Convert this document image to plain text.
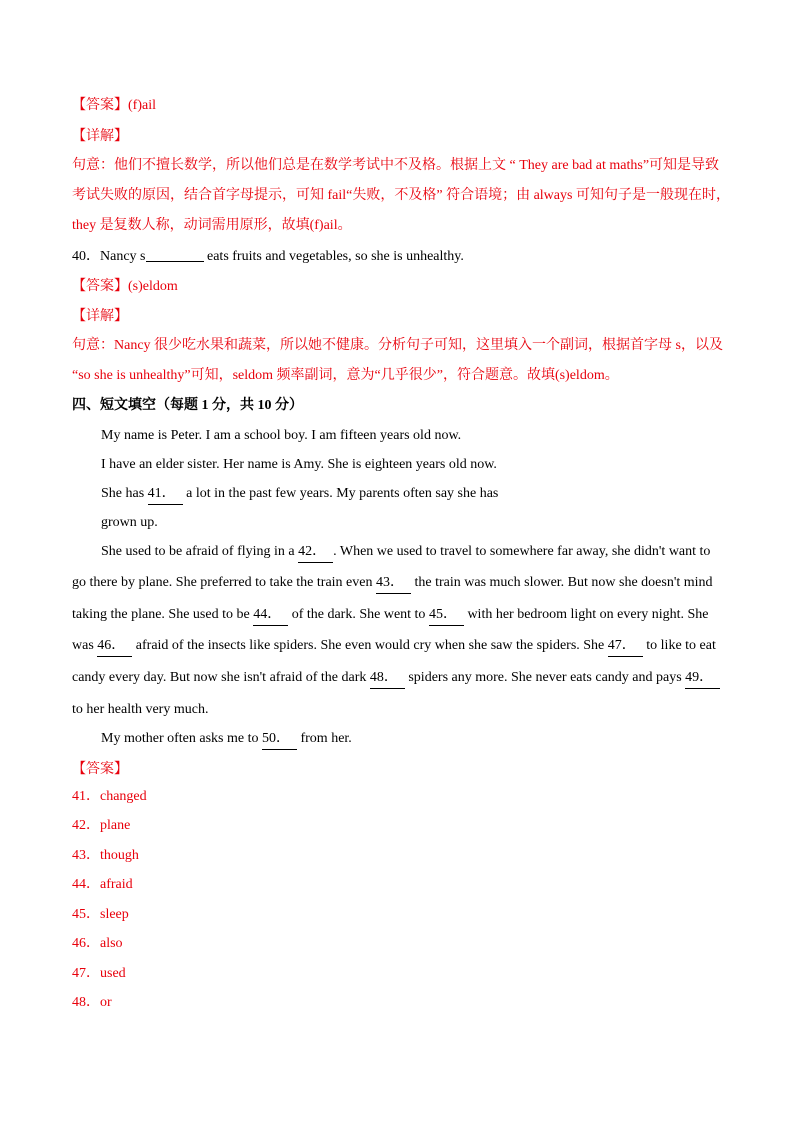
【答案】(f)ail
【详解】
句意：他们不擅长数学，所以他们总是在数学考试中不及格。根据上文 “ They are bad at maths”可知是导致
考试失败的原因，结合首字母提示，可知 fail“失败，不及格” 符合语境；由 always 可知句子是一般现在时，
they 是复数人称，动词需用原形，故填(f)ail。
40．Nancy s	eats fruits and vegetables, so she is unhealthy.
【答案】(s)eldom
【详解】
句意：Nancy 很少吃水果和蔬菜，所以她不健康。分析句子可知，这里填入一个副词，根据首字母 s，以及
“so she is unhealthy”可知，seldom 频率副词，意为“几乎很少”，符合题意。故填(s)eldom。
四、短文填空（每题 1 分，共 10 分）
My name is Peter. I am a school boy. I am fifteen years old now.
I have an elder sister. Her name is Amy. She is eighteen years old now.
She has 41．   a lot in the past few years. My parents often say she has
grown up.
She used to be afraid of flying in a 42． . When we used to travel to somewhere far away, she didn't want to
go there by plane. She preferred to take the train even 43．   the train was much slower. But now she doesn't mind
taking the plane. She used to be 44．   of the dark. She went to 45．   with her bedroom light on every night. She
was 46．   afraid of the insects like spiders. She even would cry when she saw the spiders. She 47．   to like to eat
candy every day. But now she isn't afraid of the dark 48．   spiders any more. She never eats candy and pays 49．
to her health very much.
My mother often asks me to 50．   from her.
【答案】
41．changed
42．plane
43．though
44．afraid
45．sleep
46．also
47．used
48．or
